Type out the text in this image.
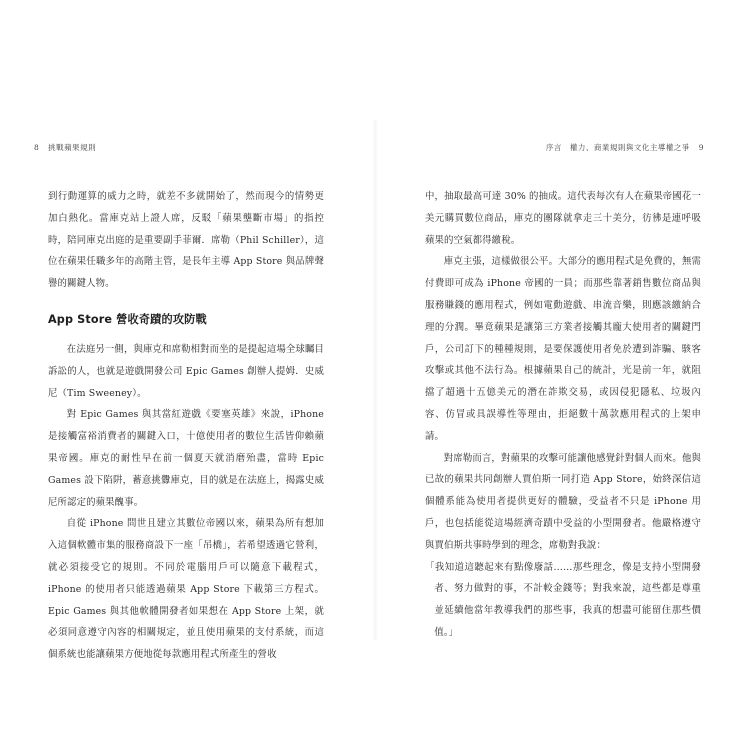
8 挑戰蘋果規則

到行動運算的威力之時，就差不多就開始了，然而現今的情勢更加白熱化。當庫克站上證人席，反駁「蘋果壟斷市場」的指控時，陪同庫克出庭的是重要副手菲爾．席勒（Phil Schiller），這位在蘋果任職多年的高階主管，是長年主導 App Store 與品牌聲譽的關鍵人物。

App Store 營收奇蹟的攻防戰

在法庭另一側，與庫克和席勒相對而坐的是提起這場全球矚目訴訟的人，也就是遊戲開發公司 Epic Games 創辦人提姆．史威尼（Tim Sweeney）。

對 Epic Games 與其當紅遊戲《要塞英雄》來說，iPhone 是接觸富裕消費者的關鍵入口，十億使用者的數位生活皆仰賴蘋果帝國。庫克的耐性早在前一個夏天就消磨殆盡，當時 Epic Games 設下陷阱，蓄意挑釁庫克，目的就是在法庭上，揭露史威尼所認定的蘋果醜事。

自從 iPhone 問世且建立其數位帝國以來，蘋果為所有想加入這個軟體市集的服務商設下一座「吊橋」，若希望透過它營利，就必須接受它的規則。不同於電腦用戶可以隨意下載程式，iPhone 的使用者只能透過蘋果 App Store 下載第三方程式。Epic Games 與其他軟體開發者如果想在 App Store 上架，就必須同意遵守內容的相關規定，並且使用蘋果的支付系統，而這個系統也能讓蘋果方便地從每款應用程式所產生的營收

序言　權力、商業規則與文化主導權之爭 9

中，抽取最高可達 30% 的抽成。這代表每次有人在蘋果帝國花一美元購買數位商品，庫克的團隊就拿走三十美分，彷彿是連呼吸蘋果的空氣都得繳稅。

庫克主張，這樣做很公平。大部分的應用程式是免費的，無需付費即可成為 iPhone 帝國的一員；而那些靠著銷售數位商品與服務賺錢的應用程式，例如電動遊戲、串流音樂，則應該繳納合理的分潤。畢竟蘋果是讓第三方業者接觸其龐大使用者的關鍵門戶，公司訂下的種種規則，是要保護使用者免於遭到詐騙、駭客攻擊或其他不法行為。根據蘋果自己的統計，光是前一年，就阻擋了超過十五億美元的潛在詐欺交易，或因侵犯隱私、垃圾內容、仿冒或具誤導性等理由，拒絕數十萬款應用程式的上架申請。

對席勒而言，對蘋果的攻擊可能讓他感覺針對個人而來。他與已故的蘋果共同創辦人賈伯斯一同打造 App Store，始終深信這個體系能為使用者提供更好的體驗，受益者不只是 iPhone 用戶，也包括能從這場經濟奇蹟中受益的小型開發者。他嚴格遵守與賈伯斯共事時學到的理念，席勒對我說：

「我知道這聽起來有點像廢話……那些理念，像是支持小型開發者、努力做對的事，不計較金錢等；對我來說，這些都是尊重並延續他當年教導我們的那些事，我真的想盡可能留住那些價值。」
